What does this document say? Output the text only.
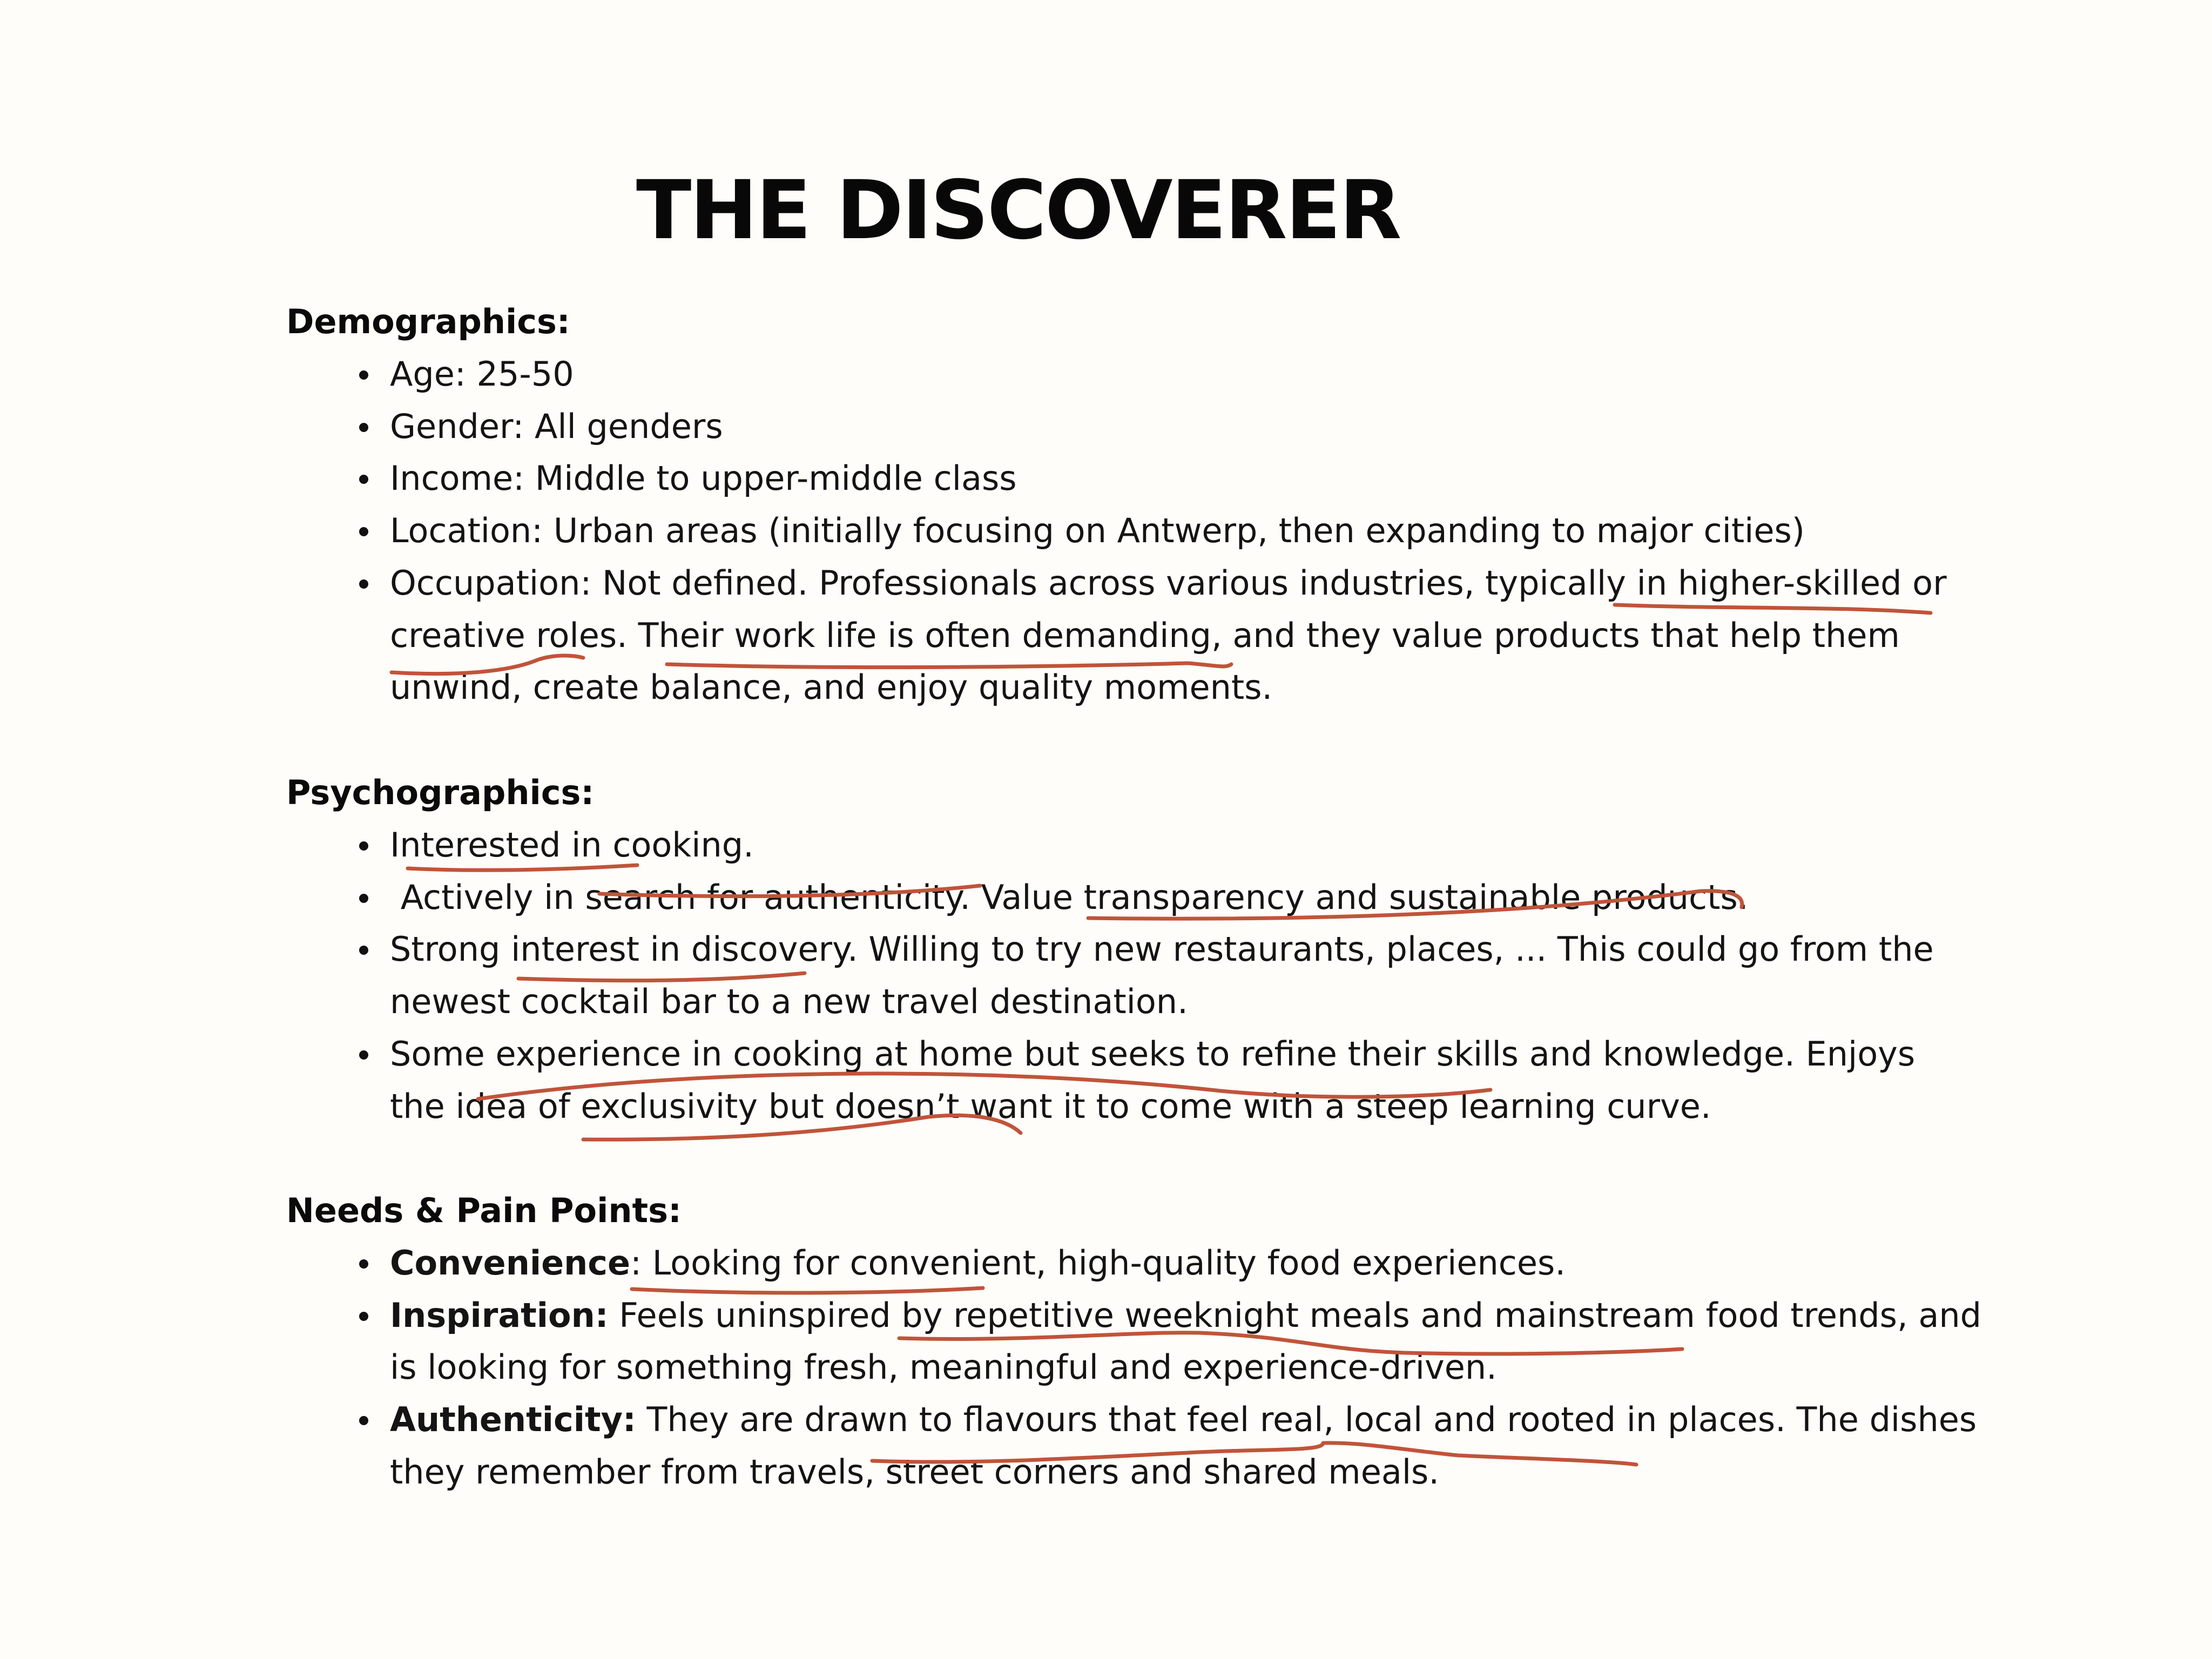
THE DISCOVERER
Demographics:
Age: 25-50
Gender: All genders
Income: Middle to upper-middle class
Location: Urban areas (initially focusing on Antwerp, then expanding to major cities)
Occupation: Not defined. Professionals across various industries, typically in higher-skilled or
creative roles. Their work life is often demanding, and they value products that help them
unwind, create balance, and enjoy quality moments.
Psychographics:
Interested in cooking.
Actively in search for authenticity. Value transparency and sustainable products.
Strong interest in discovery. Willing to try new restaurants, places, ... This could go from the
newest cocktail bar to a new travel destination.
Some experience in cooking at home but seeks to refine their skills and knowledge. Enjoys
the idea of exclusivity but doesn’t want it to come with a steep learning curve.
Needs & Pain Points:
Convenience: Looking for convenient, high-quality food experiences.
Inspiration: Feels uninspired by repetitive weeknight meals and mainstream food trends, and
is looking for something fresh, meaningful and experience-driven.
Authenticity: They are drawn to flavours that feel real, local and rooted in places. The dishes
they remember from travels, street corners and shared meals.
